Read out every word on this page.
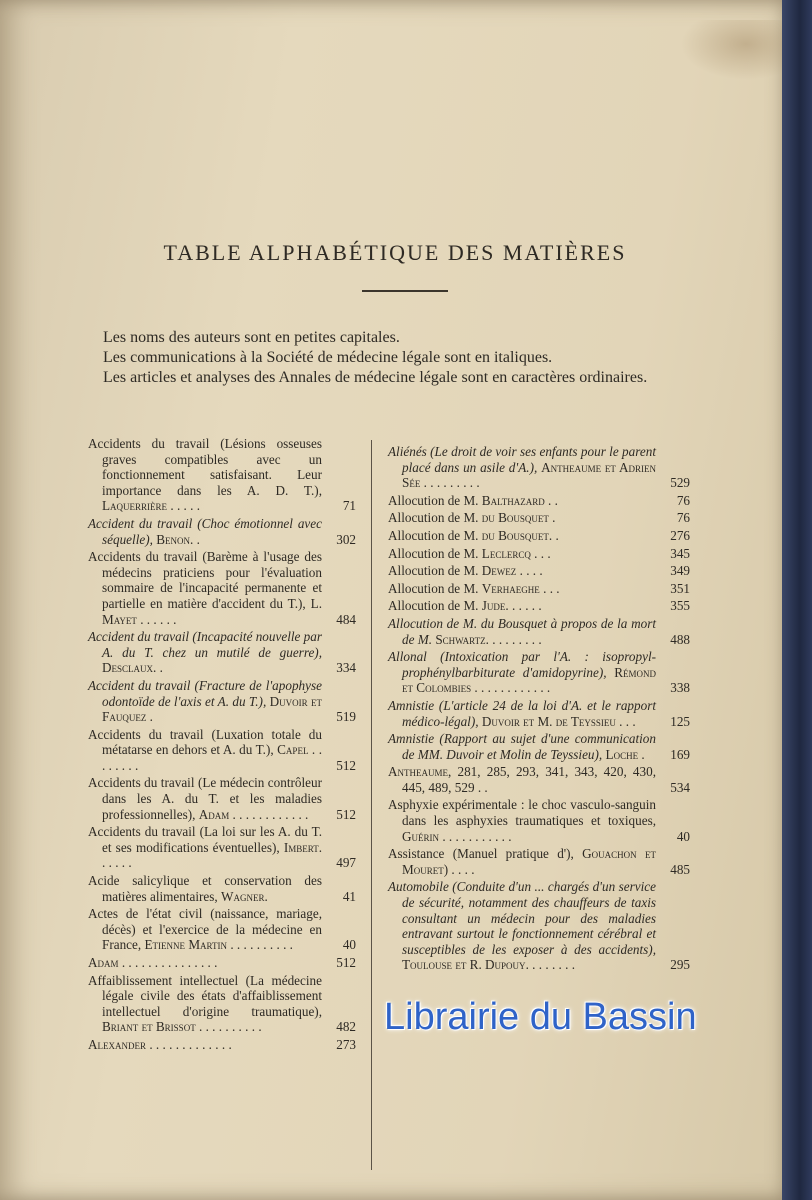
TABLE ALPHABÉTIQUE DES MATIÈRES

Les noms des auteurs sont en petites capitales.

Les communications à la Société de médecine légale sont en italiques.

Les articles et analyses des Annales de médecine légale sont en caractères ordinaires.

Accidents du travail (Lésions osseuses graves compatibles avec un fonctionnement satisfaisant. Leur importance dans les A. D. T.), Laquerrière . . . . .	71
Accident du travail (Choc émotionnel avec séquelle), Benon. .	302
Accidents du travail (Barème à l'usage des médecins praticiens pour l'évaluation sommaire de l'incapacité permanente et partielle en matière d'accident du T.), L. Mayet . . . . . .	484
Accident du travail (Incapacité nouvelle par A. du T. chez un mutilé de guerre), Desclaux. .	334
Accident du travail (Fracture de l'apophyse odontoïde de l'axis et A. du T.), Duvoir et Fauquez .	519
Accidents du travail (Luxation totale du métatarse en dehors et A. du T.), Capel . . . . . . . .	512
Accidents du travail (Le médecin contrôleur dans les A. du T. et les maladies professionnelles), Adam . . . . . . . . . . . .	512
Accidents du travail (La loi sur les A. du T. et ses modifications éventuelles), Imbert. . . . . .	497
Acide salicylique et conservation des matières alimentaires, Wagner.	41
Actes de l'état civil (naissance, mariage, décès) et l'exercice de la médecine en France, Etienne Martin . . . . . . . . . .	40
Adam . . . . . . . . . . . . . . .	512
Affaiblissement intellectuel (La médecine légale civile des états d'affaiblissement intellectuel d'origine traumatique), Briant et Brissot . . . . . . . . . .	482
Alexander . . . . . . . . . . . . .	273
Aliénés (Le droit de voir ses enfants pour le parent placé dans un asile d'A.), Antheaume et Adrien Sée . . . . . . . . .	529
Allocution de M. Balthazard . .	76
Allocution de M. du Bousquet .	76
Allocution de M. du Bousquet. .	276
Allocution de M. Leclercq . . .	345
Allocution de M. Dewez . . . .	349
Allocution de M. Verhaeghe . . .	351
Allocution de M. Jude. . . . . .	355
Allocution de M. du Bousquet à propos de la mort de M. Schwartz. . . . . . . . .	488
Allonal (Intoxication par l'A. : isopropyl-prophénylbarbiturate d'amidopyrine), Rémond et Colombies . . . . . . . . . . . .	338
Amnistie (L'article 24 de la loi d'A. et le rapport médico-légal), Duvoir et M. de Teyssieu . . .	125
Amnistie (Rapport au sujet d'une communication de MM. Duvoir et Molin de Teyssieu), Loche .	169
Antheaume, 281, 285, 293, 341, 343, 420, 430, 445, 489, 529 . .	534
Asphyxie expérimentale : le choc vasculo-sanguin dans les asphyxies traumatiques et toxiques, Guérin . . . . . . . . . . .	40
Assistance (Manuel pratique d'), Gouachon et Mouret) . . . .	485
Automobile (Conduite d'un ... chargés d'un service de sécurité, notamment des chauffeurs de taxis consultant un médecin pour des maladies entravant surtout le fonctionnement cérébral et susceptibles de les exposer à des accidents), Toulouse et R. Dupouy. . . . . . . .	295
Librairie du Bassin
